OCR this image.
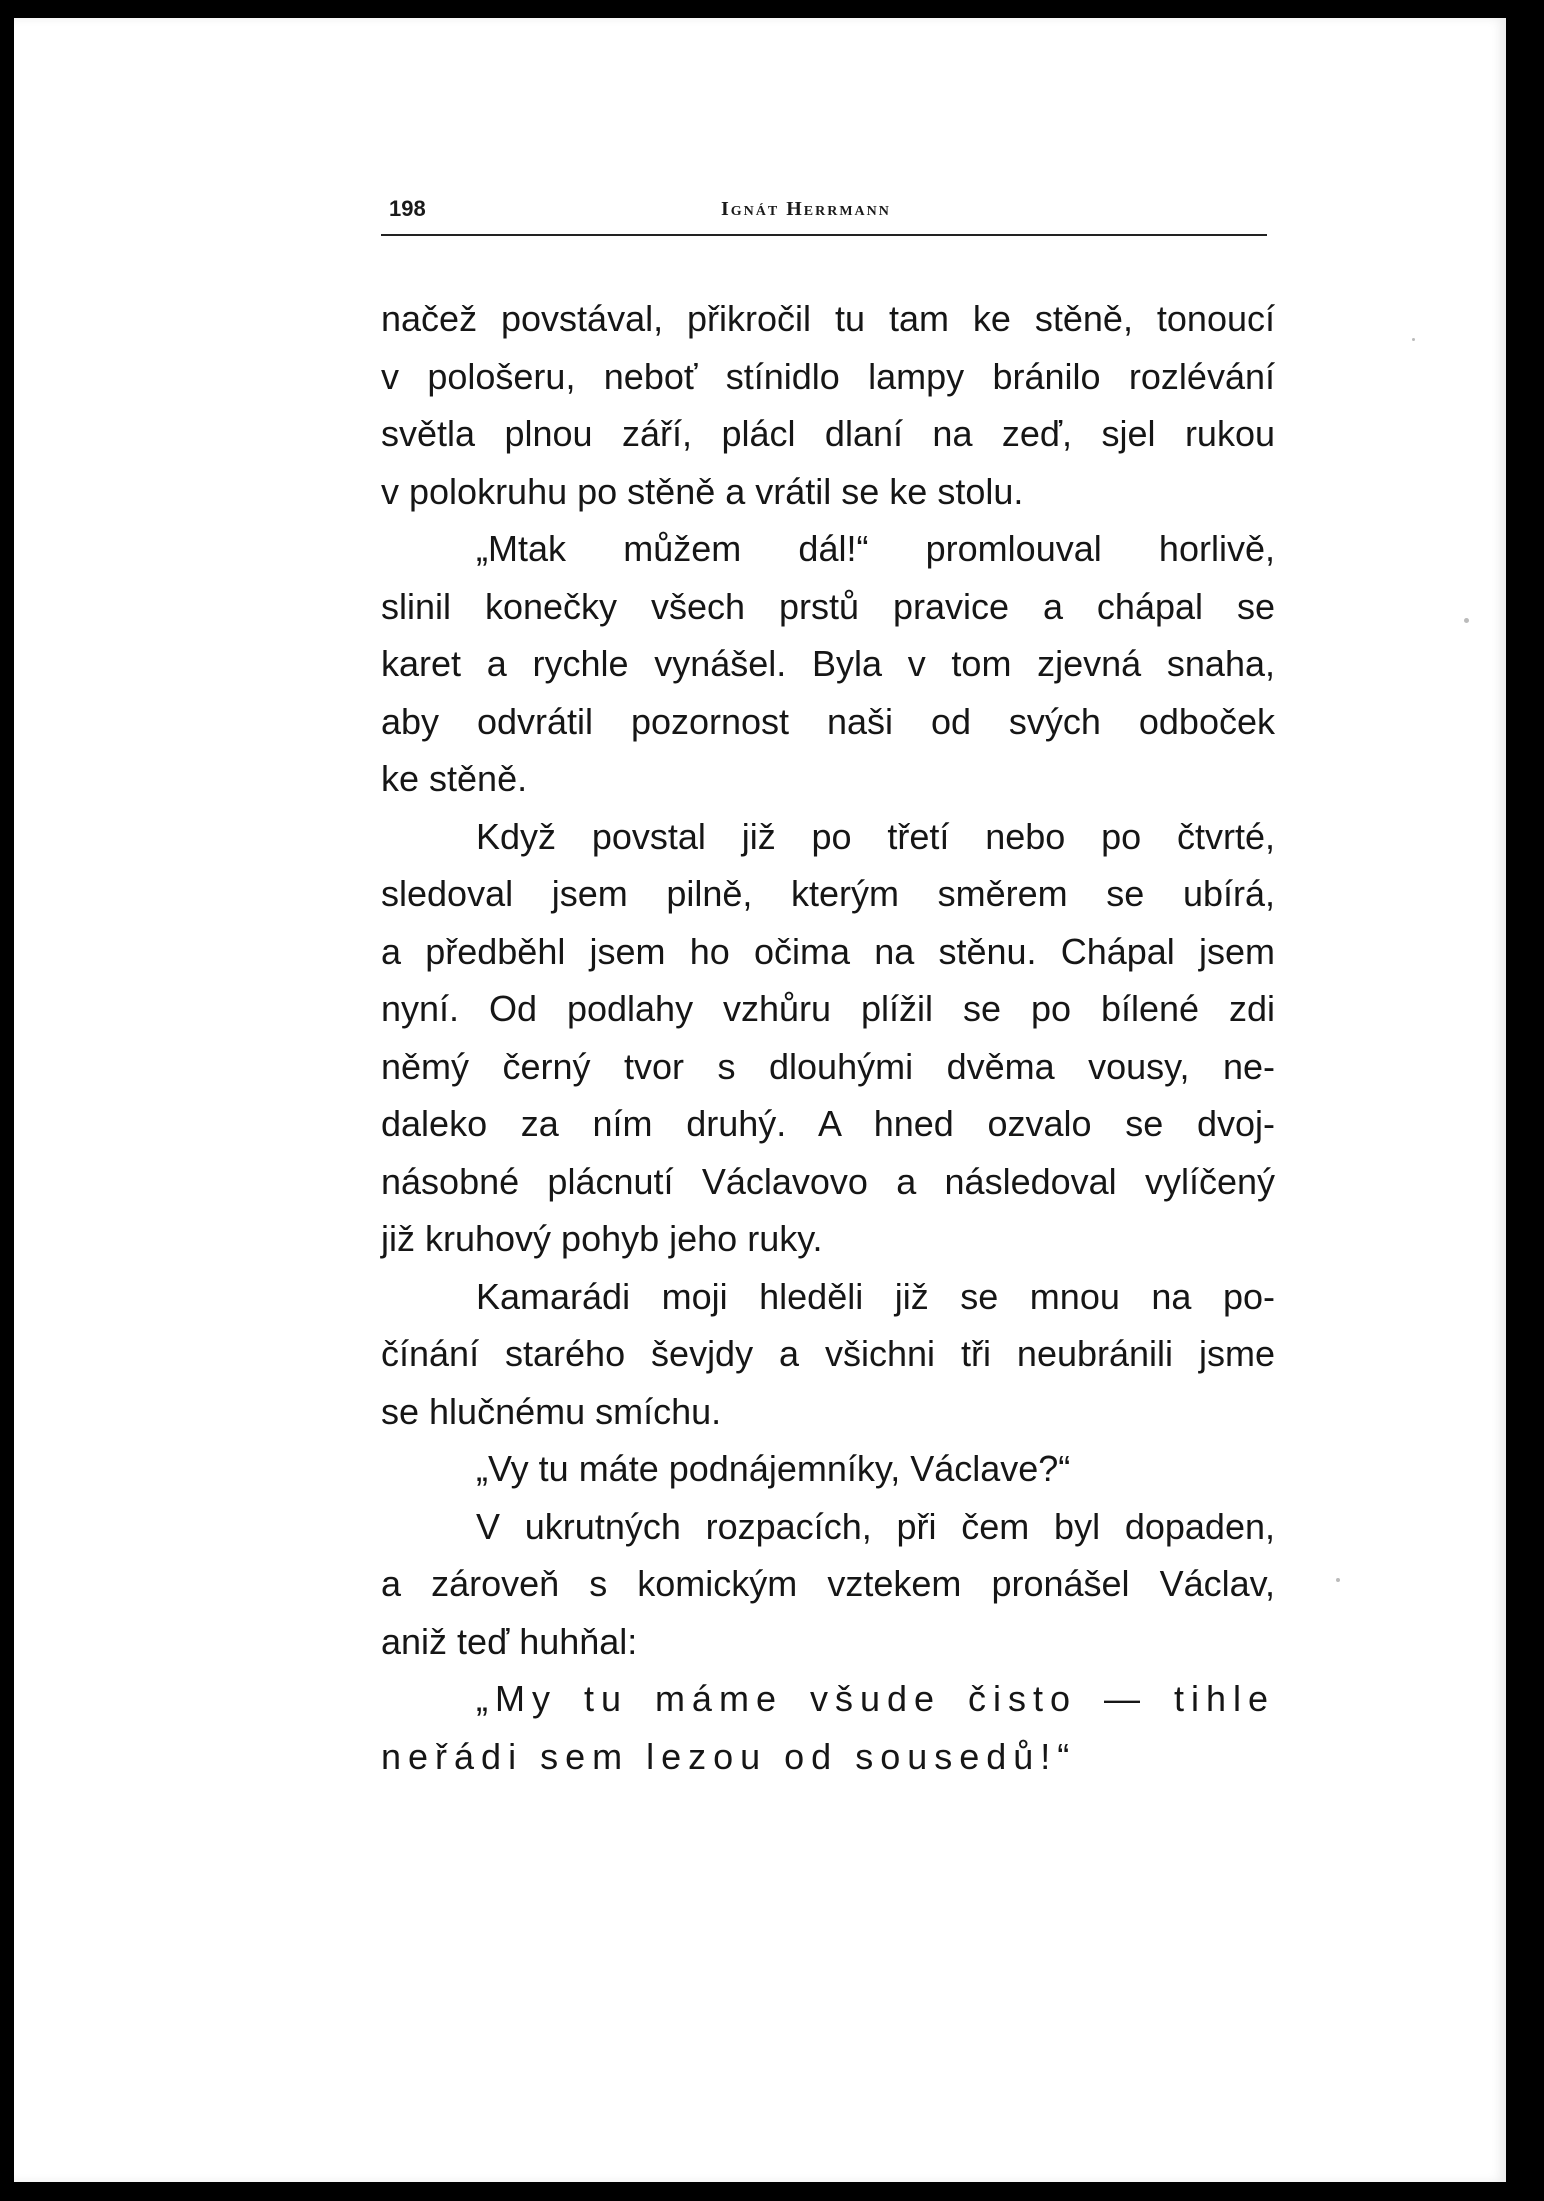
198	Ignát Herrmann
načež povstával, přikročil tu tam ke stěně, tonoucí
v pološeru, neboť stínidlo lampy bránilo rozlévání
světla plnou září, plácl dlaní na zeď, sjel rukou
v polokruhu po stěně a vrátil se ke stolu.
„Mtak můžem dál!“ promlouval horlivě,
slinil konečky všech prstů pravice a chápal se
karet a rychle vynášel. Byla v tom zjevná snaha,
aby odvrátil pozornost naši od svých odboček
ke stěně.
Když povstal již po třetí nebo po čtvrté,
sledoval jsem pilně, kterým směrem se ubírá,
a předběhl jsem ho očima na stěnu. Chápal jsem
nyní. Od podlahy vzhůru plížil se po bílené zdi
němý černý tvor s dlouhými dvěma vousy, ne-
daleko za ním druhý. A hned ozvalo se dvoj-
násobné plácnutí Václavovo a následoval vylíčený
již kruhový pohyb jeho ruky.
Kamarádi moji hleděli již se mnou na po-
čínání starého ševjdy a všichni tři neubránili jsme
se hlučnému smíchu.
„Vy tu máte podnájemníky, Václave?“
V ukrutných rozpacích, při čem byl dopaden,
a zároveň s komickým vztekem pronášel Václav,
aniž teď huhňal:
„My tu máme všude čisto — tihle
neřádi sem lezou od sousedů!“
